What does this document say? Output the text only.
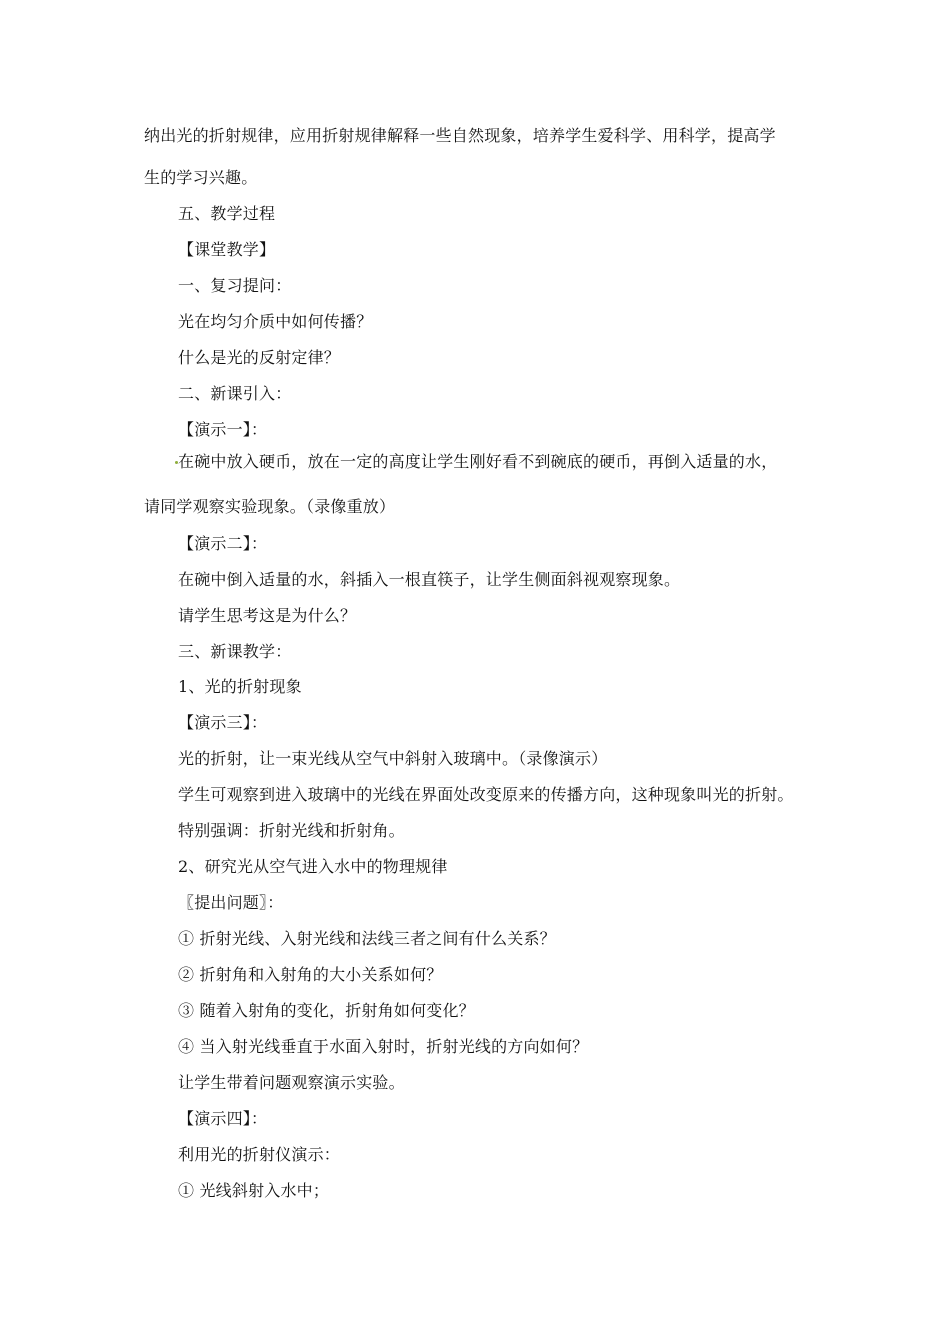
纳出光的折射规律，应用折射规律解释一些自然现象，培养学生爱科学、用科学，提高学
生的学习兴趣。
五、教学过程
【课堂教学】
一、复习提问：
光在均匀介质中如何传播？
什么是光的反射定律？
二、新课引入：
【演示一】：
在碗中放入硬币，放在一定的高度让学生刚好看不到碗底的硬币，再倒入适量的水，
请同学观察实验现象。（录像重放）
【演示二】：
在碗中倒入适量的水，斜插入一根直筷子，让学生侧面斜视观察现象。
请学生思考这是为什么？
三、新课教学：
1、光的折射现象
【演示三】：
光的折射，让一束光线从空气中斜射入玻璃中。（录像演示）
学生可观察到进入玻璃中的光线在界面处改变原来的传播方向，这种现象叫光的折射。
特别强调：折射光线和折射角。
2、研究光从空气进入水中的物理规律
〖提出问题〗：
① 折射光线、入射光线和法线三者之间有什么关系？
② 折射角和入射角的大小关系如何？
③ 随着入射角的变化，折射角如何变化？
④ 当入射光线垂直于水面入射时，折射光线的方向如何？
让学生带着问题观察演示实验。
【演示四】：
利用光的折射仪演示：
① 光线斜射入水中；
